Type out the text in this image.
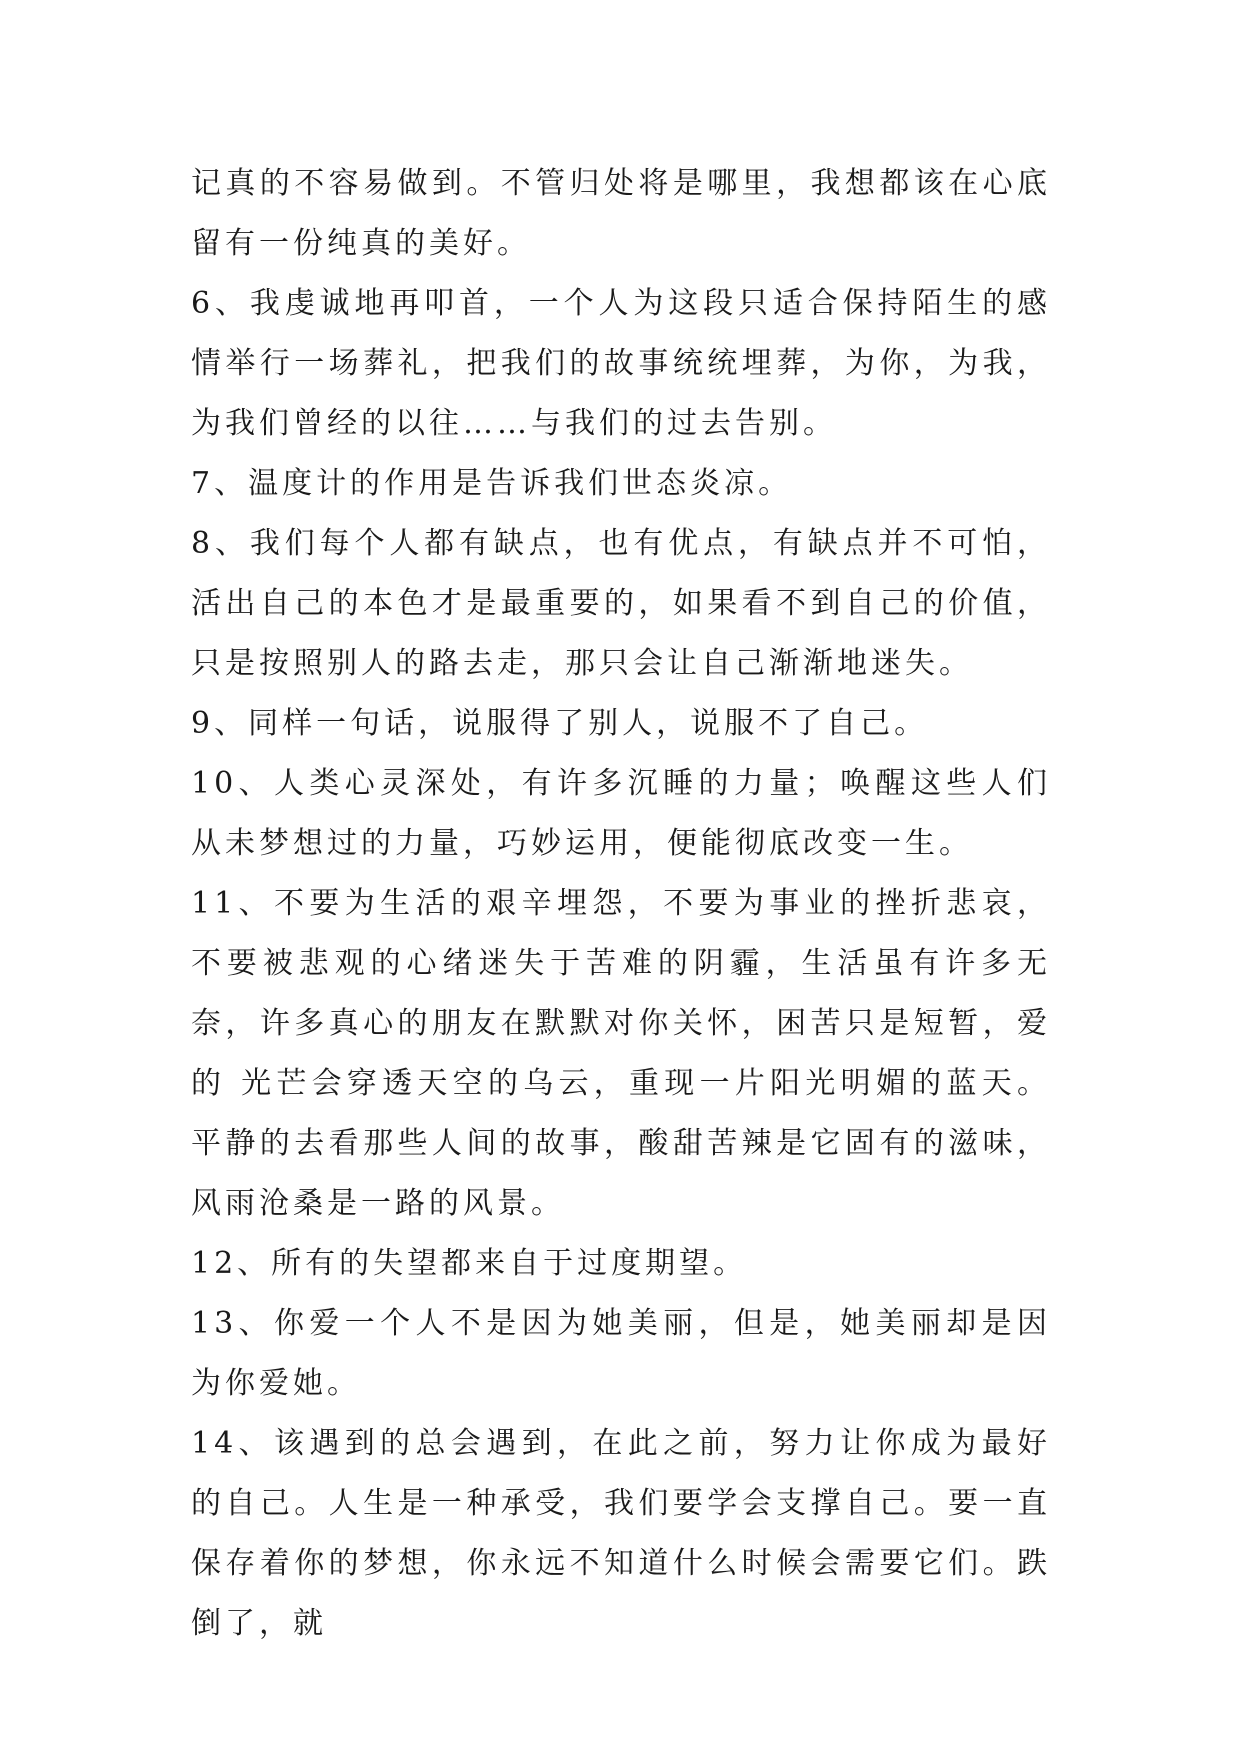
记真的不容易做到。不管归处将是哪里，我想都该在心底留有一份纯真的美好。

6、我虔诚地再叩首，一个人为这段只适合保持陌生的感情举行一场葬礼，把我们的故事统统埋葬，为你，为我，为我们曾经的以往……与我们的过去告别。

7、温度计的作用是告诉我们世态炎凉。

8、我们每个人都有缺点，也有优点，有缺点并不可怕，活出自己的本色才是最重要的，如果看不到自己的价值，只是按照别人的路去走，那只会让自己渐渐地迷失。

9、同样一句话，说服得了别人，说服不了自己。

10、人类心灵深处，有许多沉睡的力量；唤醒这些人们从未梦想过的力量，巧妙运用，便能彻底改变一生。

11、不要为生活的艰辛埋怨，不要为事业的挫折悲哀，不要被悲观的心绪迷失于苦难的阴霾，生活虽有许多无奈，许多真心的朋友在默默对你关怀，困苦只是短暂，爱的 光芒会穿透天空的乌云，重现一片阳光明媚的蓝天。平静的去看那些人间的故事，酸甜苦辣是它固有的滋味，风雨沧桑是一路的风景。

12、所有的失望都来自于过度期望。

13、你爱一个人不是因为她美丽，但是，她美丽却是因为你爱她。

14、该遇到的总会遇到，在此之前，努力让你成为最好的自己。人生是一种承受，我们要学会支撑自己。要一直保存着你的梦想，你永远不知道什么时候会需要它们。跌倒了，就
